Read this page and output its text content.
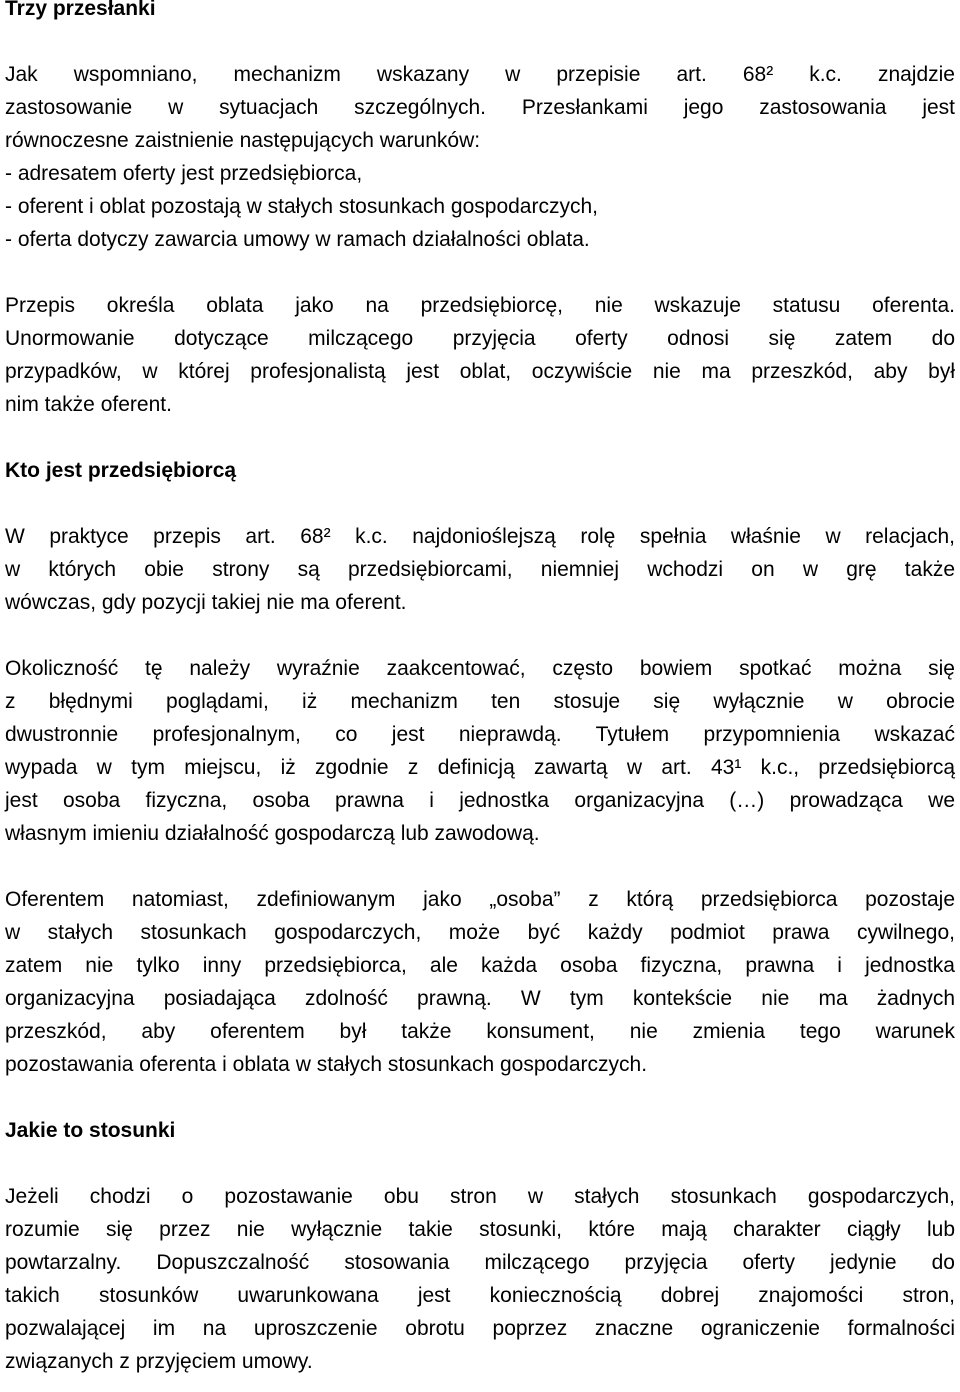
Trzy przesłanki
Jak wspomniano, mechanizm wskazany w przepisie art. 68² k.c. znajdzie
zastosowanie w sytuacjach szczególnych. Przesłankami jego zastosowania jest
równoczesne zaistnienie następujących warunków:
- adresatem oferty jest przedsiębiorca,
- oferent i oblat pozostają w stałych stosunkach gospodarczych,
- oferta dotyczy zawarcia umowy w ramach działalności oblata.
Przepis określa oblata jako na przedsiębiorcę, nie wskazuje statusu oferenta.
Unormowanie dotyczące milczącego przyjęcia oferty odnosi się zatem do
przypadków, w której profesjonalistą jest oblat, oczywiście nie ma przeszkód, aby był
nim także oferent.
Kto jest przedsiębiorcą
W praktyce przepis art. 68² k.c. najdonioślejszą rolę spełnia właśnie w relacjach,
w których obie strony są przedsiębiorcami, niemniej wchodzi on w grę także
wówczas, gdy pozycji takiej nie ma oferent.
Okoliczność tę należy wyraźnie zaakcentować, często bowiem spotkać można się
z błędnymi poglądami, iż mechanizm ten stosuje się wyłącznie w obrocie
dwustronnie profesjonalnym, co jest nieprawdą. Tytułem przypomnienia wskazać
wypada w tym miejscu, iż zgodnie z definicją zawartą w art. 43¹ k.c., przedsiębiorcą
jest osoba fizyczna, osoba prawna i jednostka organizacyjna (…) prowadząca we
własnym imieniu działalność gospodarczą lub zawodową.
Oferentem natomiast, zdefiniowanym jako „osoba” z którą przedsiębiorca pozostaje
w stałych stosunkach gospodarczych, może być każdy podmiot prawa cywilnego,
zatem nie tylko inny przedsiębiorca, ale każda osoba fizyczna, prawna i jednostka
organizacyjna posiadająca zdolność prawną. W tym kontekście nie ma żadnych
przeszkód, aby oferentem był także konsument, nie zmienia tego warunek
pozostawania oferenta i oblata w stałych stosunkach gospodarczych.
Jakie to stosunki
Jeżeli chodzi o pozostawanie obu stron w stałych stosunkach gospodarczych,
rozumie się przez nie wyłącznie takie stosunki, które mają charakter ciągły lub
powtarzalny. Dopuszczalność stosowania milczącego przyjęcia oferty jedynie do
takich stosunków uwarunkowana jest koniecznością dobrej znajomości stron,
pozwalającej im na uproszczenie obrotu poprzez znaczne ograniczenie formalności
związanych z przyjęciem umowy.
